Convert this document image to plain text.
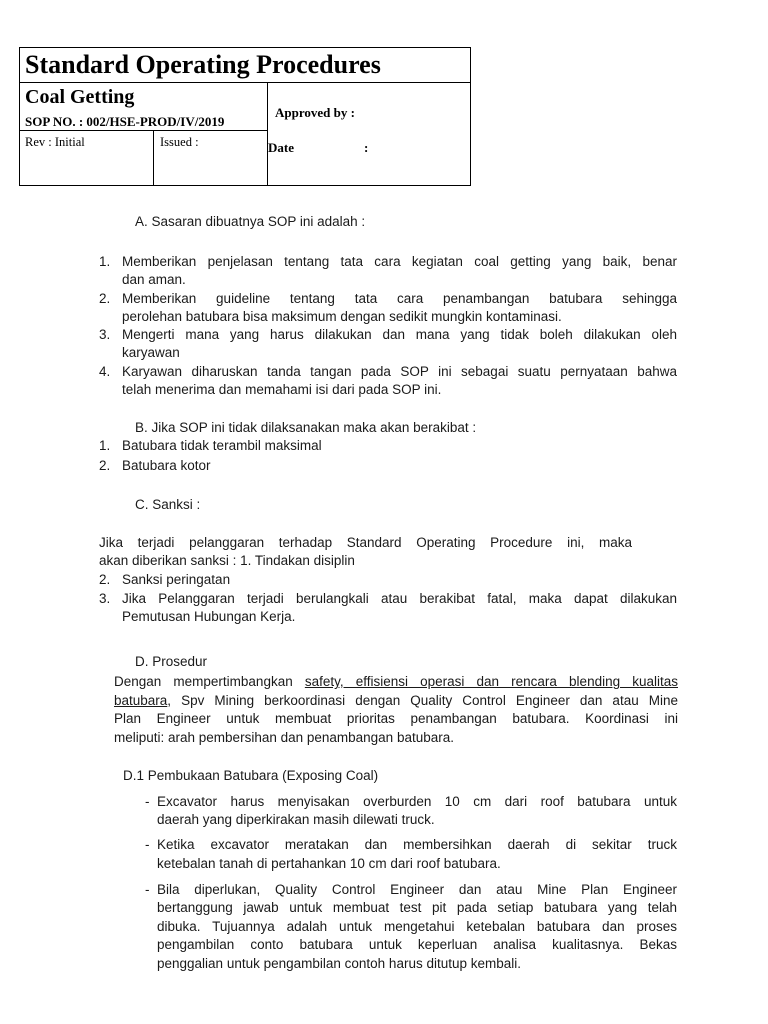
Standard Operating Procedures
Coal Getting
SOP NO. : 002/HSE-PROD/IV/2019
Approved by :
Date	:
Rev : Initial	Issued :
A. Sasaran dibuatnya SOP ini adalah :
1. Memberikan penjelasan tentang tata cara kegiatan coal getting yang baik, benar
dan aman.
2. Memberikan guideline tentang tata cara penambangan batubara sehingga
perolehan batubara bisa maksimum dengan sedikit mungkin kontaminasi.
3. Mengerti mana yang harus dilakukan dan mana yang tidak boleh dilakukan oleh
karyawan
4. Karyawan diharuskan tanda tangan pada SOP ini sebagai suatu pernyataan bahwa
telah menerima dan memahami isi dari pada SOP ini.
B. Jika SOP ini tidak dilaksanakan maka akan berakibat :
1. Batubara tidak terambil maksimal
2. Batubara kotor
C. Sanksi :
Jika terjadi pelanggaran terhadap Standard Operating Procedure ini, maka
akan diberikan sanksi : 1. Tindakan disiplin
2. Sanksi peringatan
3. Jika Pelanggaran terjadi berulangkali atau berakibat fatal, maka dapat dilakukan
Pemutusan Hubungan Kerja.
D. Prosedur
Dengan mempertimbangkan safety, effisiensi operasi dan rencara blending kualitas
batubara, Spv Mining berkoordinasi dengan Quality Control Engineer dan atau Mine
Plan Engineer untuk membuat prioritas penambangan batubara. Koordinasi ini
meliputi: arah pembersihan dan penambangan batubara.
D.1 Pembukaan Batubara (Exposing Coal)
- Excavator harus menyisakan overburden 10 cm dari roof batubara untuk
daerah yang diperkirakan masih dilewati truck.
- Ketika excavator meratakan dan membersihkan daerah di sekitar truck
ketebalan tanah di pertahankan 10 cm dari roof batubara.
- Bila diperlukan, Quality Control Engineer dan atau Mine Plan Engineer
bertanggung jawab untuk membuat test pit pada setiap batubara yang telah
dibuka. Tujuannya adalah untuk mengetahui ketebalan batubara dan proses
pengambilan conto batubara untuk keperluan analisa kualitasnya. Bekas
penggalian untuk pengambilan contoh harus ditutup kembali.
